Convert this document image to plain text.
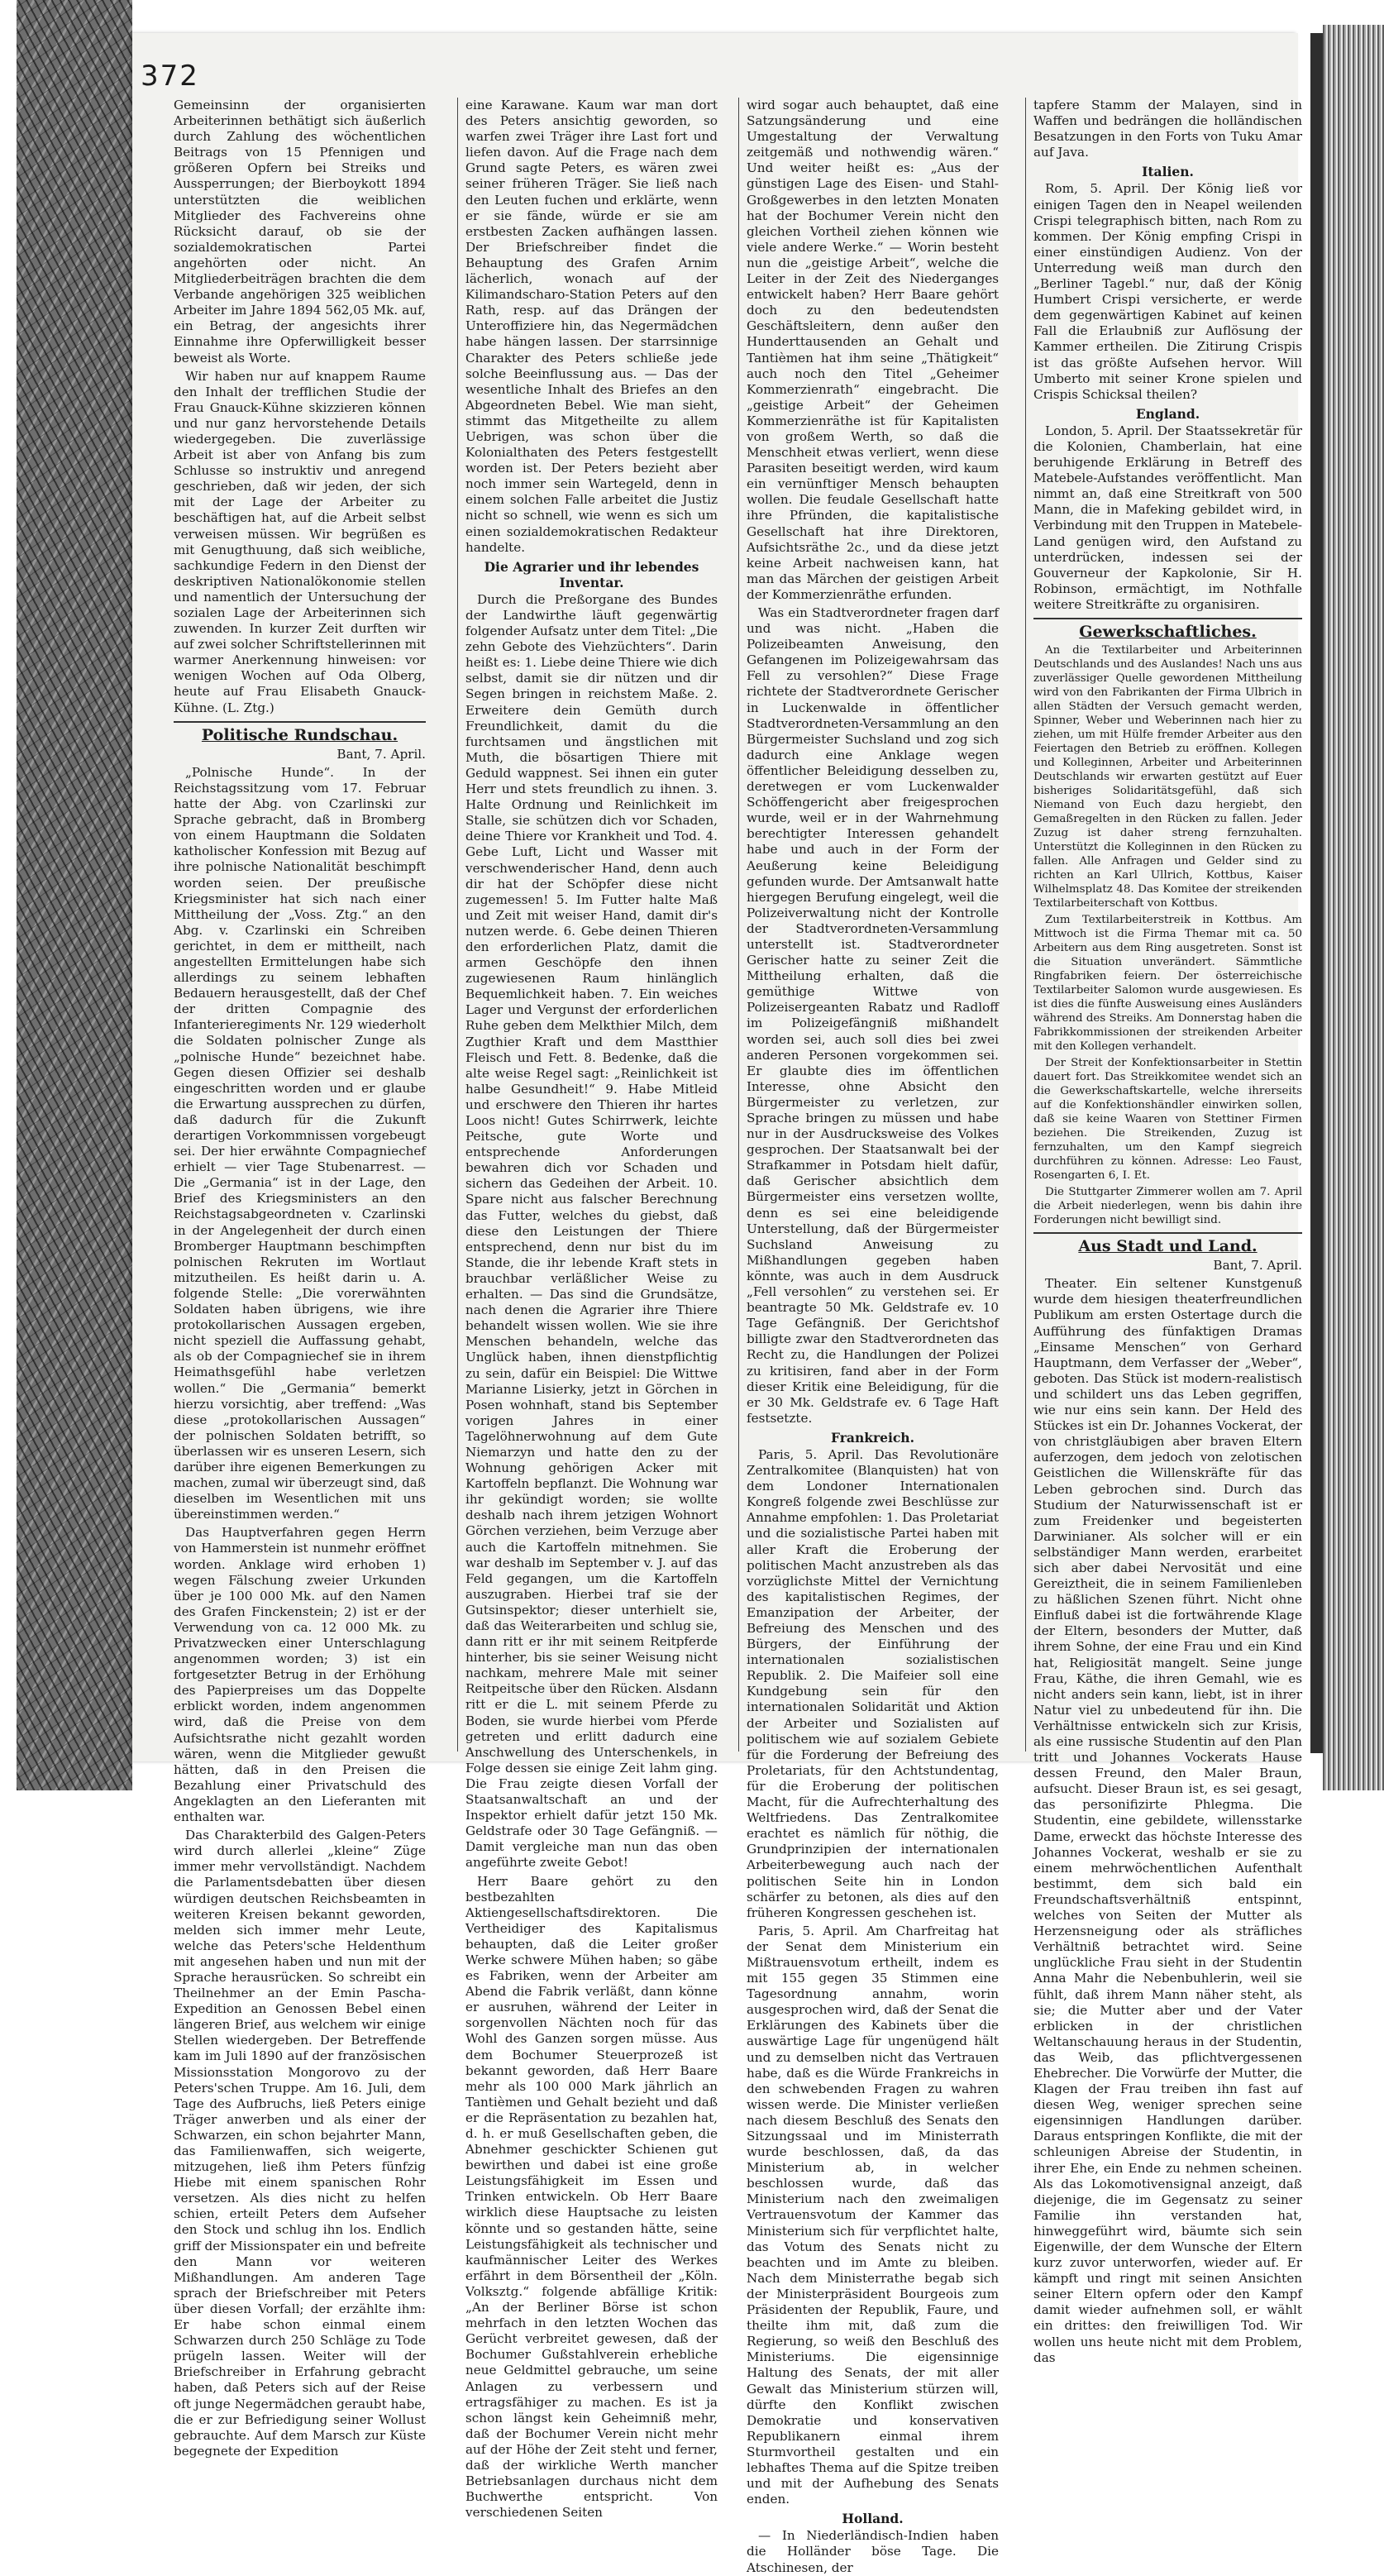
372

Gemeinsinn der organisierten Arbeiterinnen bethätigt sich äußerlich durch Zahlung des wöchentlichen Beitrags von 15 Pfennigen und größeren Opfern bei Streiks und Aussperrungen; der Bierboykott 1894 unterstützten die weiblichen Mitglieder des Fachvereins ohne Rücksicht darauf, ob sie der sozialdemokratischen Partei angehörten oder nicht. An Mitgliederbeiträgen brachten die dem Verbande angehörigen 325 weiblichen Arbeiter im Jahre 1894 562,05 Mk. auf, ein Betrag, der angesichts ihrer Einnahme ihre Opferwilligkeit besser beweist als Worte.

Wir haben nur auf knappem Raume den Inhalt der trefflichen Studie der Frau Gnauck-Kühne skizzieren können und nur ganz hervorstehende Details wiedergegeben. Die zuverlässige Arbeit ist aber von Anfang bis zum Schlusse so instruktiv und anregend geschrieben, daß wir jeden, der sich mit der Lage der Arbeiter zu beschäftigen hat, auf die Arbeit selbst verweisen müssen. Wir begrüßen es mit Genugthuung, daß sich weibliche, sachkundige Federn in den Dienst der deskriptiven Nationalökonomie stellen und namentlich der Untersuchung der sozialen Lage der Arbeiterinnen sich zuwenden. In kurzer Zeit durften wir auf zwei solcher Schriftstellerinnen mit warmer Anerkennung hinweisen: vor wenigen Wochen auf Oda Olberg, heute auf Frau Elisabeth Gnauck-Kühne. (L. Ztg.)

Politische Rundschau.
Bant, 7. April.

„Polnische Hunde“. In der Reichstagssitzung vom 17. Februar hatte der Abg. von Czarlinski zur Sprache gebracht, daß in Bromberg von einem Hauptmann die Soldaten katholischer Konfession mit Bezug auf ihre polnische Nationalität beschimpft worden seien. Der preußische Kriegsminister hat sich nach einer Mittheilung der „Voss. Ztg.“ an den Abg. v. Czarlinski ein Schreiben gerichtet, in dem er mittheilt, nach angestellten Ermittelungen habe sich allerdings zu seinem lebhaften Bedauern herausgestellt, daß der Chef der dritten Compagnie des Infanterieregiments Nr. 129 wiederholt die Soldaten polnischer Zunge als „polnische Hunde“ bezeichnet habe. Gegen diesen Offizier sei deshalb eingeschritten worden und er glaube die Erwartung aussprechen zu dürfen, daß dadurch für die Zukunft derartigen Vorkommnissen vorgebeugt sei. Der hier erwähnte Compagniechef erhielt — vier Tage Stubenarrest. — Die „Germania“ ist in der Lage, den Brief des Kriegsministers an den Reichstagsabgeordneten v. Czarlinski in der Angelegenheit der durch einen Bromberger Hauptmann beschimpften polnischen Rekruten im Wortlaut mitzutheilen. Es heißt darin u. A. folgende Stelle: „Die vorerwähnten Soldaten haben übrigens, wie ihre protokollarischen Aussagen ergeben, nicht speziell die Auffassung gehabt, als ob der Compagniechef sie in ihrem Heimathsgefühl habe verletzen wollen.“ Die „Germania“ bemerkt hierzu vorsichtig, aber treffend: „Was diese „protokollarischen Aussagen“ der polnischen Soldaten betrifft, so überlassen wir es unseren Lesern, sich darüber ihre eigenen Bemerkungen zu machen, zumal wir überzeugt sind, daß dieselben im Wesentlichen mit uns übereinstimmen werden.“

Das Hauptverfahren gegen Herrn von Hammerstein ist nunmehr eröffnet worden. Anklage wird erhoben 1) wegen Fälschung zweier Urkunden über je 100 000 Mk. auf den Namen des Grafen Finckenstein; 2) ist er der Verwendung von ca. 12 000 Mk. zu Privatzwecken einer Unterschlagung angenommen worden; 3) ist ein fortgesetzter Betrug in der Erhöhung des Papierpreises um das Doppelte erblickt worden, indem angenommen wird, daß die Preise von dem Aufsichtsrathe nicht gezahlt worden wären, wenn die Mitglieder gewußt hätten, daß in den Preisen die Bezahlung einer Privatschuld des Angeklagten an den Lieferanten mit enthalten war.

Das Charakterbild des Galgen-Peters wird durch allerlei „kleine“ Züge immer mehr vervollständigt. Nachdem die Parlamentsdebatten über diesen würdigen deutschen Reichsbeamten in weiteren Kreisen bekannt geworden, melden sich immer mehr Leute, welche das Peters'sche Heldenthum mit angesehen haben und nun mit der Sprache herausrücken. So schreibt ein Theilnehmer an der Emin Pascha-Expedition an Genossen Bebel einen längeren Brief, aus welchem wir einige Stellen wiedergeben. Der Betreffende kam im Juli 1890 auf der französischen Missionsstation Mongorovo zu der Peters'schen Truppe. Am 16. Juli, dem Tage des Aufbruchs, ließ Peters einige Träger anwerben und als einer der Schwarzen, ein schon bejahrter Mann, das Familienwaffen, sich weigerte, mitzugehen, ließ ihm Peters fünfzig Hiebe mit einem spanischen Rohr versetzen. Als dies nicht zu helfen schien, erteilt Peters dem Aufseher den Stock und schlug ihn los. Endlich griff der Missionspater ein und befreite den Mann vor weiteren Mißhandlungen. Am anderen Tage sprach der Briefschreiber mit Peters über diesen Vorfall; der erzählte ihm: Er habe schon einmal einem Schwarzen durch 250 Schläge zu Tode prügeln lassen. Weiter will der Briefschreiber in Erfahrung gebracht haben, daß Peters sich auf der Reise oft junge Negermädchen geraubt habe, die er zur Befriedigung seiner Wollust gebrauchte. Auf dem Marsch zur Küste begegnete der Expedition

eine Karawane. Kaum war man dort des Peters ansichtig geworden, so warfen zwei Träger ihre Last fort und liefen davon. Auf die Frage nach dem Grund sagte Peters, es wären zwei seiner früheren Träger. Sie ließ nach den Leuten fuchen und erklärte, wenn er sie fände, würde er sie am erstbesten Zacken aufhängen lassen. Der Briefschreiber findet die Behauptung des Grafen Arnim lächerlich, wonach auf der Kilimandscharo-Station Peters auf den Rath, resp. auf das Drängen der Unteroffiziere hin, das Negermädchen habe hängen lassen. Der starrsinnige Charakter des Peters schließe jede solche Beeinflussung aus. — Das der wesentliche Inhalt des Briefes an den Abgeordneten Bebel. Wie man sieht, stimmt das Mitgetheilte zu allem Uebrigen, was schon über die Kolonialthaten des Peters festgestellt worden ist. Der Peters bezieht aber noch immer sein Wartegeld, denn in einem solchen Falle arbeitet die Justiz nicht so schnell, wie wenn es sich um einen sozialdemokratischen Redakteur handelte.

Die Agrarier und ihr lebendes Inventar.

Durch die Preßorgane des Bundes der Landwirthe läuft gegenwärtig folgender Aufsatz unter dem Titel: „Die zehn Gebote des Viehzüchters“. Darin heißt es: 1. Liebe deine Thiere wie dich selbst, damit sie dir nützen und dir Segen bringen in reichstem Maße. 2. Erweitere dein Gemüth durch Freundlichkeit, damit du die furchtsamen und ängstlichen mit Muth, die bösartigen Thiere mit Geduld wappnest. Sei ihnen ein guter Herr und stets freundlich zu ihnen. 3. Halte Ordnung und Reinlichkeit im Stalle, sie schützen dich vor Schaden, deine Thiere vor Krankheit und Tod. 4. Gebe Luft, Licht und Wasser mit verschwenderischer Hand, denn auch dir hat der Schöpfer diese nicht zugemessen! 5. Im Futter halte Maß und Zeit mit weiser Hand, damit dir's nutzen werde. 6. Gebe deinen Thieren den erforderlichen Platz, damit die armen Geschöpfe den ihnen zugewiesenen Raum hinlänglich Bequemlichkeit haben. 7. Ein weiches Lager und Vergunst der erforderlichen Ruhe geben dem Melkthier Milch, dem Zugthier Kraft und dem Mastthier Fleisch und Fett. 8. Bedenke, daß die alte weise Regel sagt: „Reinlichkeit ist halbe Gesundheit!“ 9. Habe Mitleid und erschwere den Thieren ihr hartes Loos nicht! Gutes Schirrwerk, leichte Peitsche, gute Worte und entsprechende Anforderungen bewahren dich vor Schaden und sichern das Gedeihen der Arbeit. 10. Spare nicht aus falscher Berechnung das Futter, welches du giebst, daß diese den Leistungen der Thiere entsprechend, denn nur bist du im Stande, die ihr lebende Kraft stets in brauchbar verläßlicher Weise zu erhalten. — Das sind die Grundsätze, nach denen die Agrarier ihre Thiere behandelt wissen wollen. Wie sie ihre Menschen behandeln, welche das Unglück haben, ihnen dienstpflichtig zu sein, dafür ein Beispiel: Die Wittwe Marianne Lisierky, jetzt in Görchen in Posen wohnhaft, stand bis September vorigen Jahres in einer Tagelöhnerwohnung auf dem Gute Niemarzyn und hatte den zu der Wohnung gehörigen Acker mit Kartoffeln bepflanzt. Die Wohnung war ihr gekündigt worden; sie wollte deshalb nach ihrem jetzigen Wohnort Görchen verziehen, beim Verzuge aber auch die Kartoffeln mitnehmen. Sie war deshalb im September v. J. auf das Feld gegangen, um die Kartoffeln auszugraben. Hierbei traf sie der Gutsinspektor; dieser unterhielt sie, daß das Weiterarbeiten und schlug sie, dann ritt er ihr mit seinem Reitpferde hinterher, bis sie seiner Weisung nicht nachkam, mehrere Male mit seiner Reitpeitsche über den Rücken. Alsdann ritt er die L. mit seinem Pferde zu Boden, sie wurde hierbei vom Pferde getreten und erlitt dadurch eine Anschwellung des Unterschenkels, in Folge dessen sie einige Zeit lahm ging. Die Frau zeigte diesen Vorfall der Staatsanwaltschaft an und der Inspektor erhielt dafür jetzt 150 Mk. Geldstrafe oder 30 Tage Gefängniß. — Damit vergleiche man nun das oben angeführte zweite Gebot!

Herr Baare gehört zu den bestbezahlten Aktiengesellschaftsdirektoren. Die Vertheidiger des Kapitalismus behaupten, daß die Leiter großer Werke schwere Mühen haben; so gäbe es Fabriken, wenn der Arbeiter am Abend die Fabrik verläßt, dann könne er ausruhen, während der Leiter in sorgenvollen Nächten noch für das Wohl des Ganzen sorgen müsse. Aus dem Bochumer Steuerprozeß ist bekannt geworden, daß Herr Baare mehr als 100 000 Mark jährlich an Tantièmen und Gehalt bezieht und daß er die Repräsentation zu bezahlen hat, d. h. er muß Gesellschaften geben, die Abnehmer geschickter Schienen gut bewirthen und dabei ist eine große Leistungsfähigkeit im Essen und Trinken entwickeln. Ob Herr Baare wirklich diese Hauptsache zu leisten könnte und so gestanden hätte, seine Leistungsfähigkeit als technischer und kaufmännischer Leiter des Werkes erfährt in dem Börsentheil der „Köln. Volksztg.“ folgende abfällige Kritik: „An der Berliner Börse ist schon mehrfach in den letzten Wochen das Gerücht verbreitet gewesen, daß der Bochumer Gußstahlverein erhebliche neue Geldmittel gebrauche, um seine Anlagen zu verbessern und ertragsfähiger zu machen. Es ist ja schon längst kein Geheimniß mehr, daß der Bochumer Verein nicht mehr auf der Höhe der Zeit steht und ferner, daß der wirkliche Werth mancher Betriebsanlagen durchaus nicht dem Buchwerthe entspricht. Von verschiedenen Seiten

wird sogar auch behauptet, daß eine Satzungsänderung und eine Umgestaltung der Verwaltung zeitgemäß und nothwendig wären.“ Und weiter heißt es: „Aus der günstigen Lage des Eisen- und Stahl-Großgewerbes in den letzten Monaten hat der Bochumer Verein nicht den gleichen Vortheil ziehen können wie viele andere Werke.“ — Worin besteht nun die „geistige Arbeit“, welche die Leiter in der Zeit des Niederganges entwickelt haben? Herr Baare gehört doch zu den bedeutendsten Geschäftsleitern, denn außer den Hunderttausenden an Gehalt und Tantièmen hat ihm seine „Thätigkeit“ auch noch den Titel „Geheimer Kommerzienrath“ eingebracht. Die „geistige Arbeit“ der Geheimen Kommerzienräthe ist für Kapitalisten von großem Werth, so daß die Menschheit etwas verliert, wenn diese Parasiten beseitigt werden, wird kaum ein vernünftiger Mensch behaupten wollen. Die feudale Gesellschaft hatte ihre Pfründen, die kapitalistische Gesellschaft hat ihre Direktoren, Aufsichtsräthe 2c., und da diese jetzt keine Arbeit nachweisen kann, hat man das Märchen der geistigen Arbeit der Kommerzienräthe erfunden.

Was ein Stadtverordneter fragen darf und was nicht. „Haben die Polizeibeamten Anweisung, den Gefangenen im Polizeigewahrsam das Fell zu versohlen?“ Diese Frage richtete der Stadtverordnete Gerischer in Luckenwalde in öffentlicher Stadtverordneten-Versammlung an den Bürgermeister Suchsland und zog sich dadurch eine Anklage wegen öffentlicher Beleidigung desselben zu, deretwegen er vom Luckenwalder Schöffengericht aber freigesprochen wurde, weil er in der Wahrnehmung berechtigter Interessen gehandelt habe und auch in der Form der Aeußerung keine Beleidigung gefunden wurde. Der Amtsanwalt hatte hiergegen Berufung eingelegt, weil die Polizeiverwaltung nicht der Kontrolle der Stadtverordneten-Versammlung unterstellt ist. Stadtverordneter Gerischer hatte zu seiner Zeit die Mittheilung erhalten, daß die gemüthige Wittwe von Polizeisergeanten Rabatz und Radloff im Polizeigefängniß mißhandelt worden sei, auch soll dies bei zwei anderen Personen vorgekommen sei. Er glaubte dies im öffentlichen Interesse, ohne Absicht den Bürgermeister zu verletzen, zur Sprache bringen zu müssen und habe nur in der Ausdrucksweise des Volkes gesprochen. Der Staatsanwalt bei der Strafkammer in Potsdam hielt dafür, daß Gerischer absichtlich dem Bürgermeister eins versetzen wollte, denn es sei eine beleidigende Unterstellung, daß der Bürgermeister Suchsland Anweisung zu Mißhandlungen gegeben haben könnte, was auch in dem Ausdruck „Fell versohlen“ zu verstehen sei. Er beantragte 50 Mk. Geldstrafe ev. 10 Tage Gefängniß. Der Gerichtshof billigte zwar den Stadtverordneten das Recht zu, die Handlungen der Polizei zu kritisiren, fand aber in der Form dieser Kritik eine Beleidigung, für die er 30 Mk. Geldstrafe ev. 6 Tage Haft festsetzte.

Frankreich.

Paris, 5. April. Das Revolutionäre Zentralkomitee (Blanquisten) hat von dem Londoner Internationalen Kongreß folgende zwei Beschlüsse zur Annahme empfohlen: 1. Das Proletariat und die sozialistische Partei haben mit aller Kraft die Eroberung der politischen Macht anzustreben als das vorzüglichste Mittel der Vernichtung des kapitalistischen Regimes, der Emanzipation der Arbeiter, der Befreiung des Menschen und des Bürgers, der Einführung der internationalen sozialistischen Republik. 2. Die Maifeier soll eine Kundgebung sein für den internationalen Solidarität und Aktion der Arbeiter und Sozialisten auf politischem wie auf sozialem Gebiete für die Forderung der Befreiung des Proletariats, für den Achtstundentag, für die Eroberung der politischen Macht, für die Aufrechterhaltung des Weltfriedens. Das Zentralkomitee erachtet es nämlich für nöthig, die Grundprinzipien der internationalen Arbeiterbewegung auch nach der politischen Seite hin in London schärfer zu betonen, als dies auf den früheren Kongressen geschehen ist.

Paris, 5. April. Am Charfreitag hat der Senat dem Ministerium ein Mißtrauensvotum ertheilt, indem es mit 155 gegen 35 Stimmen eine Tagesordnung annahm, worin ausgesprochen wird, daß der Senat die Erklärungen des Kabinets über die auswärtige Lage für ungenügend hält und zu demselben nicht das Vertrauen habe, daß es die Würde Frankreichs in den schwebenden Fragen zu wahren wissen werde. Die Minister verließen nach diesem Beschluß des Senats den Sitzungssaal und im Ministerrath wurde beschlossen, daß, da das Ministerium ab, in welcher beschlossen wurde, daß das Ministerium nach den zweimaligen Vertrauensvotum der Kammer das Ministerium sich für verpflichtet halte, das Votum des Senats nicht zu beachten und im Amte zu bleiben. Nach dem Ministerrathe begab sich der Ministerpräsident Bourgeois zum Präsidenten der Republik, Faure, und theilte ihm mit, daß zum die Regierung, so weiß den Beschluß des Ministeriums. Die eigensinnige Haltung des Senats, der mit aller Gewalt das Ministerium stürzen will, dürfte den Konflikt zwischen Demokratie und konservativen Republikanern einmal ihrem Sturmvortheil gestalten und ein lebhaftes Thema auf die Spitze treiben und mit der Aufhebung des Senats enden.

Holland.

— In Niederländisch-Indien haben die Holländer böse Tage. Die Atschinesen, der

tapfere Stamm der Malayen, sind in Waffen und bedrängen die holländischen Besatzungen in den Forts von Tuku Amar auf Java.

Italien.

Rom, 5. April. Der König ließ vor einigen Tagen den in Neapel weilenden Crispi telegraphisch bitten, nach Rom zu kommen. Der König empfing Crispi in einer einstündigen Audienz. Von der Unterredung weiß man durch den „Berliner Tagebl.“ nur, daß der König Humbert Crispi versicherte, er werde dem gegenwärtigen Kabinet auf keinen Fall die Erlaubniß zur Auflösung der Kammer ertheilen. Die Zitirung Crispis ist das größte Aufsehen hervor. Will Umberto mit seiner Krone spielen und Crispis Schicksal theilen?

England.

London, 5. April. Der Staatssekretär für die Kolonien, Chamberlain, hat eine beruhigende Erklärung in Betreff des Matebele-Aufstandes veröffentlicht. Man nimmt an, daß eine Streitkraft von 500 Mann, die in Mafeking gebildet wird, in Verbindung mit den Truppen in Matebele-Land genügen wird, den Aufstand zu unterdrücken, indessen sei der Gouverneur der Kapkolonie, Sir H. Robinson, ermächtigt, im Nothfalle weitere Streitkräfte zu organisiren.

Gewerkschaftliches.

An die Textilarbeiter und Arbeiterinnen Deutschlands und des Auslandes! Nach uns aus zuverlässiger Quelle gewordenen Mittheilung wird von den Fabrikanten der Firma Ulbrich in allen Städten der Versuch gemacht werden, Spinner, Weber und Weberinnen nach hier zu ziehen, um mit Hülfe fremder Arbeiter aus den Feiertagen den Betrieb zu eröffnen. Kollegen und Kolleginnen, Arbeiter und Arbeiterinnen Deutschlands wir erwarten gestützt auf Euer bisheriges Solidaritätsgefühl, daß sich Niemand von Euch dazu hergiebt, den Gemaßregelten in den Rücken zu fallen. Jeder Zuzug ist daher streng fernzuhalten. Unterstützt die Kolleginnen in den Rücken zu fallen. Alle Anfragen und Gelder sind zu richten an Karl Ullrich, Kottbus, Kaiser Wilhelmsplatz 48. Das Komitee der streikenden Textilarbeiterschaft von Kottbus.

Zum Textilarbeiterstreik in Kottbus. Am Mittwoch ist die Firma Themar mit ca. 50 Arbeitern aus dem Ring ausgetreten. Sonst ist die Situation unverändert. Sämmtliche Ringfabriken feiern. Der österreichische Textilarbeiter Salomon wurde ausgewiesen. Es ist dies die fünfte Ausweisung eines Ausländers während des Streiks. Am Donnerstag haben die Fabrikkommissionen der streikenden Arbeiter mit den Kollegen verhandelt.

Der Streit der Konfektionsarbeiter in Stettin dauert fort. Das Streikkomitee wendet sich an die Gewerkschaftskartelle, welche ihrerseits auf die Konfektionshändler einwirken sollen, daß sie keine Waaren von Stettiner Firmen beziehen. Die Streikenden, Zuzug ist fernzuhalten, um den Kampf siegreich durchführen zu können. Adresse: Leo Faust, Rosengarten 6, I. Et.

Die Stuttgarter Zimmerer wollen am 7. April die Arbeit niederlegen, wenn bis dahin ihre Forderungen nicht bewilligt sind.

Aus Stadt und Land.
Bant, 7. April.

Theater. Ein seltener Kunstgenuß wurde dem hiesigen theaterfreundlichen Publikum am ersten Ostertage durch die Aufführung des fünfaktigen Dramas „Einsame Menschen“ von Gerhard Hauptmann, dem Verfasser der „Weber“, geboten. Das Stück ist modern-realistisch und schildert uns das Leben gegriffen, wie nur eins sein kann. Der Held des Stückes ist ein Dr. Johannes Vockerat, der von christgläubigen aber braven Eltern auferzogen, dem jedoch von zelotischen Geistlichen die Willenskräfte für das Leben gebrochen sind. Durch das Studium der Naturwissenschaft ist er zum Freidenker und begeisterten Darwinianer. Als solcher will er ein selbständiger Mann werden, erarbeitet sich aber dabei Nervosität und eine Gereiztheit, die in seinem Familienleben zu häßlichen Szenen führt. Nicht ohne Einfluß dabei ist die fortwährende Klage der Eltern, besonders der Mutter, daß ihrem Sohne, der eine Frau und ein Kind hat, Religiosität mangelt. Seine junge Frau, Käthe, die ihren Gemahl, wie es nicht anders sein kann, liebt, ist in ihrer Natur viel zu unbedeutend für ihn. Die Verhältnisse entwickeln sich zur Krisis, als eine russische Studentin auf den Plan tritt und Johannes Vockerats Hause dessen Freund, den Maler Braun, aufsucht. Dieser Braun ist, es sei gesagt, das personifizirte Phlegma. Die Studentin, eine gebildete, willensstarke Dame, erweckt das höchste Interesse des Johannes Vockerat, weshalb er sie zu einem mehrwöchentlichen Aufenthalt bestimmt, dem sich bald ein Freundschaftsverhältniß entspinnt, welches von Seiten der Mutter als Herzensneigung oder als sträfliches Verhältniß betrachtet wird. Seine unglückliche Frau sieht in der Studentin Anna Mahr die Nebenbuhlerin, weil sie fühlt, daß ihrem Mann näher steht, als sie; die Mutter aber und der Vater erblicken in der christlichen Weltanschauung heraus in der Studentin, das Weib, das pflichtvergessenen Ehebrecher. Die Vorwürfe der Mutter, die Klagen der Frau treiben ihn fast auf diesen Weg, weniger sprechen seine eigensinnigen Handlungen darüber. Daraus entspringen Konflikte, die mit der schleunigen Abreise der Studentin, in ihrer Ehe, ein Ende zu nehmen scheinen. Als das Lokomotivensignal anzeigt, daß diejenige, die im Gegensatz zu seiner Familie ihn verstanden hat, hinweggeführt wird, bäumte sich sein Eigenwille, der dem Wunsche der Eltern kurz zuvor unterworfen, wieder auf. Er kämpft und ringt mit seinen Ansichten seiner Eltern opfern oder den Kampf damit wieder aufnehmen soll, er wählt ein drittes: den freiwilligen Tod. Wir wollen uns heute nicht mit dem Problem, das
